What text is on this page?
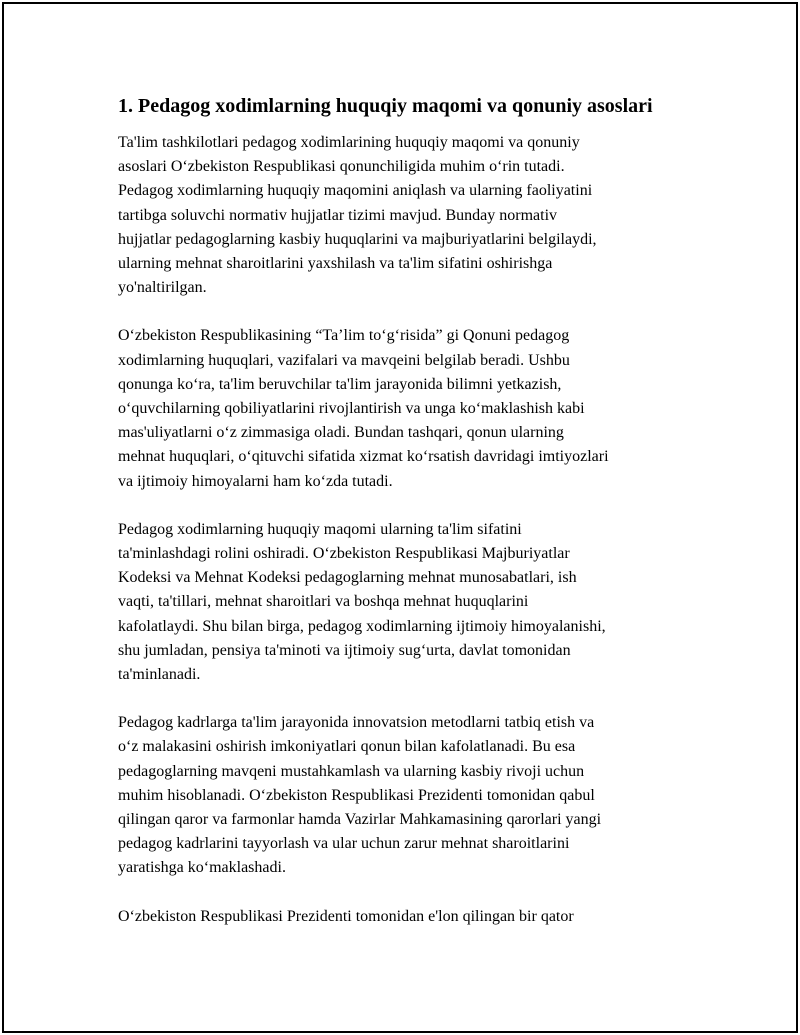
1. Pedagog xodimlarning huquqiy maqomi va qonuniy asoslari
Ta'lim tashkilotlari pedagog xodimlarining huquqiy maqomi va qonuniy
asoslari O‘zbekiston Respublikasi qonunchiligida muhim o‘rin tutadi.
Pedagog xodimlarning huquqiy maqomini aniqlash va ularning faoliyatini
tartibga soluvchi normativ hujjatlar tizimi mavjud. Bunday normativ
hujjatlar pedagoglarning kasbiy huquqlarini va majburiyatlarini belgilaydi,
ularning mehnat sharoitlarini yaxshilash va ta'lim sifatini oshirishga
yo'naltirilgan.
O‘zbekiston Respublikasining “Ta’lim to‘g‘risida” gi Qonuni pedagog
xodimlarning huquqlari, vazifalari va mavqeini belgilab beradi. Ushbu
qonunga ko‘ra, ta'lim beruvchilar ta'lim jarayonida bilimni yetkazish,
o‘quvchilarning qobiliyatlarini rivojlantirish va unga ko‘maklashish kabi
mas'uliyatlarni o‘z zimmasiga oladi. Bundan tashqari, qonun ularning
mehnat huquqlari, o‘qituvchi sifatida xizmat ko‘rsatish davridagi imtiyozlari
va ijtimoiy himoyalarni ham ko‘zda tutadi.
Pedagog xodimlarning huquqiy maqomi ularning ta'lim sifatini
ta'minlashdagi rolini oshiradi. O‘zbekiston Respublikasi Majburiyatlar
Kodeksi va Mehnat Kodeksi pedagoglarning mehnat munosabatlari, ish
vaqti, ta'tillari, mehnat sharoitlari va boshqa mehnat huquqlarini
kafolatlaydi. Shu bilan birga, pedagog xodimlarning ijtimoiy himoyalanishi,
shu jumladan, pensiya ta'minoti va ijtimoiy sug‘urta, davlat tomonidan
ta'minlanadi.
Pedagog kadrlarga ta'lim jarayonida innovatsion metodlarni tatbiq etish va
o‘z malakasini oshirish imkoniyatlari qonun bilan kafolatlanadi. Bu esa
pedagoglarning mavqeni mustahkamlash va ularning kasbiy rivoji uchun
muhim hisoblanadi. O‘zbekiston Respublikasi Prezidenti tomonidan qabul
qilingan qaror va farmonlar hamda Vazirlar Mahkamasining qarorlari yangi
pedagog kadrlarini tayyorlash va ular uchun zarur mehnat sharoitlarini
yaratishga ko‘maklashadi.
O‘zbekiston Respublikasi Prezidenti tomonidan e'lon qilingan bir qator
